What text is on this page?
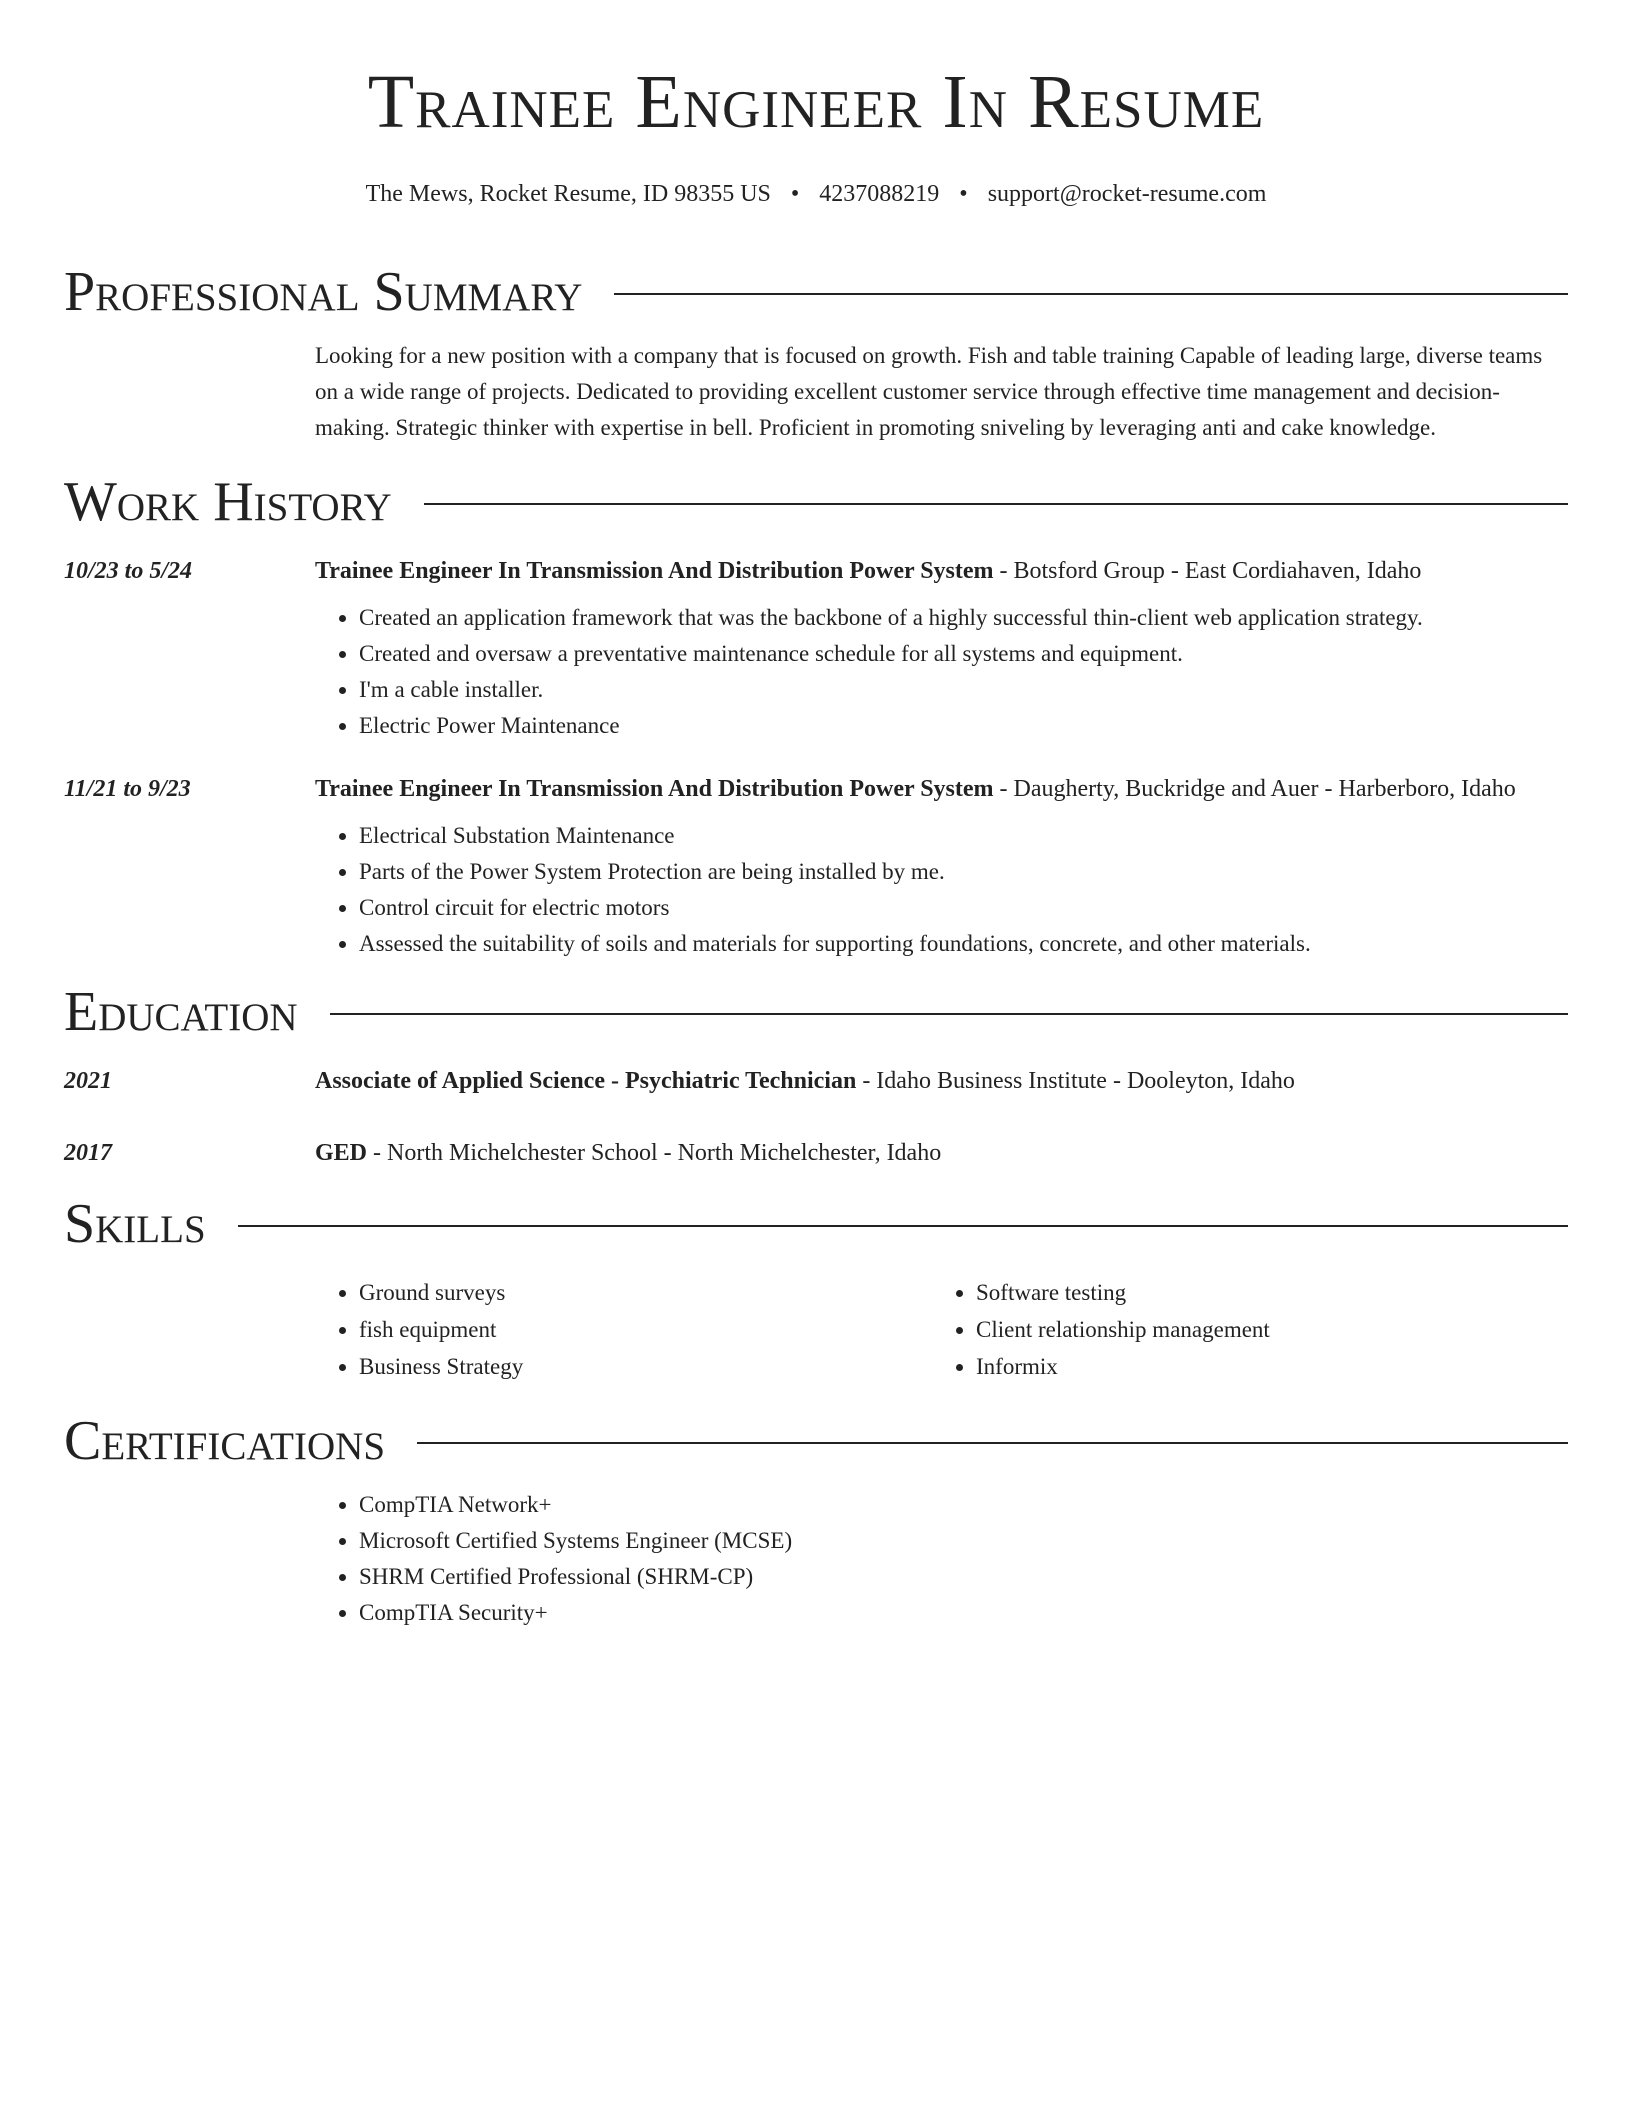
Trainee Engineer In Resume
The Mews, Rocket Resume, ID 98355 US • 4237088219 • support@rocket-resume.com
Professional Summary
Looking for a new position with a company that is focused on growth. Fish and table training Capable of leading large, diverse teams on a wide range of projects. Dedicated to providing excellent customer service through effective time management and decision-making. Strategic thinker with expertise in bell. Proficient in promoting sniveling by leveraging anti and cake knowledge.
Work History
10/23 to 5/24	Trainee Engineer In Transmission And Distribution Power System - Botsford Group - East Cordiahaven, Idaho
• Created an application framework that was the backbone of a highly successful thin-client web application strategy.
• Created and oversaw a preventative maintenance schedule for all systems and equipment.
• I'm a cable installer.
• Electric Power Maintenance
11/21 to 9/23	Trainee Engineer In Transmission And Distribution Power System - Daugherty, Buckridge and Auer - Harberboro, Idaho
• Electrical Substation Maintenance
• Parts of the Power System Protection are being installed by me.
• Control circuit for electric motors
• Assessed the suitability of soils and materials for supporting foundations, concrete, and other materials.
Education
2021	Associate of Applied Science - Psychiatric Technician - Idaho Business Institute - Dooleyton, Idaho
2017	GED - North Michelchester School - North Michelchester, Idaho
Skills
• Ground surveys
• fish equipment
• Business Strategy
• Software testing
• Client relationship management
• Informix
Certifications
• CompTIA Network+
• Microsoft Certified Systems Engineer (MCSE)
• SHRM Certified Professional (SHRM-CP)
• CompTIA Security+
